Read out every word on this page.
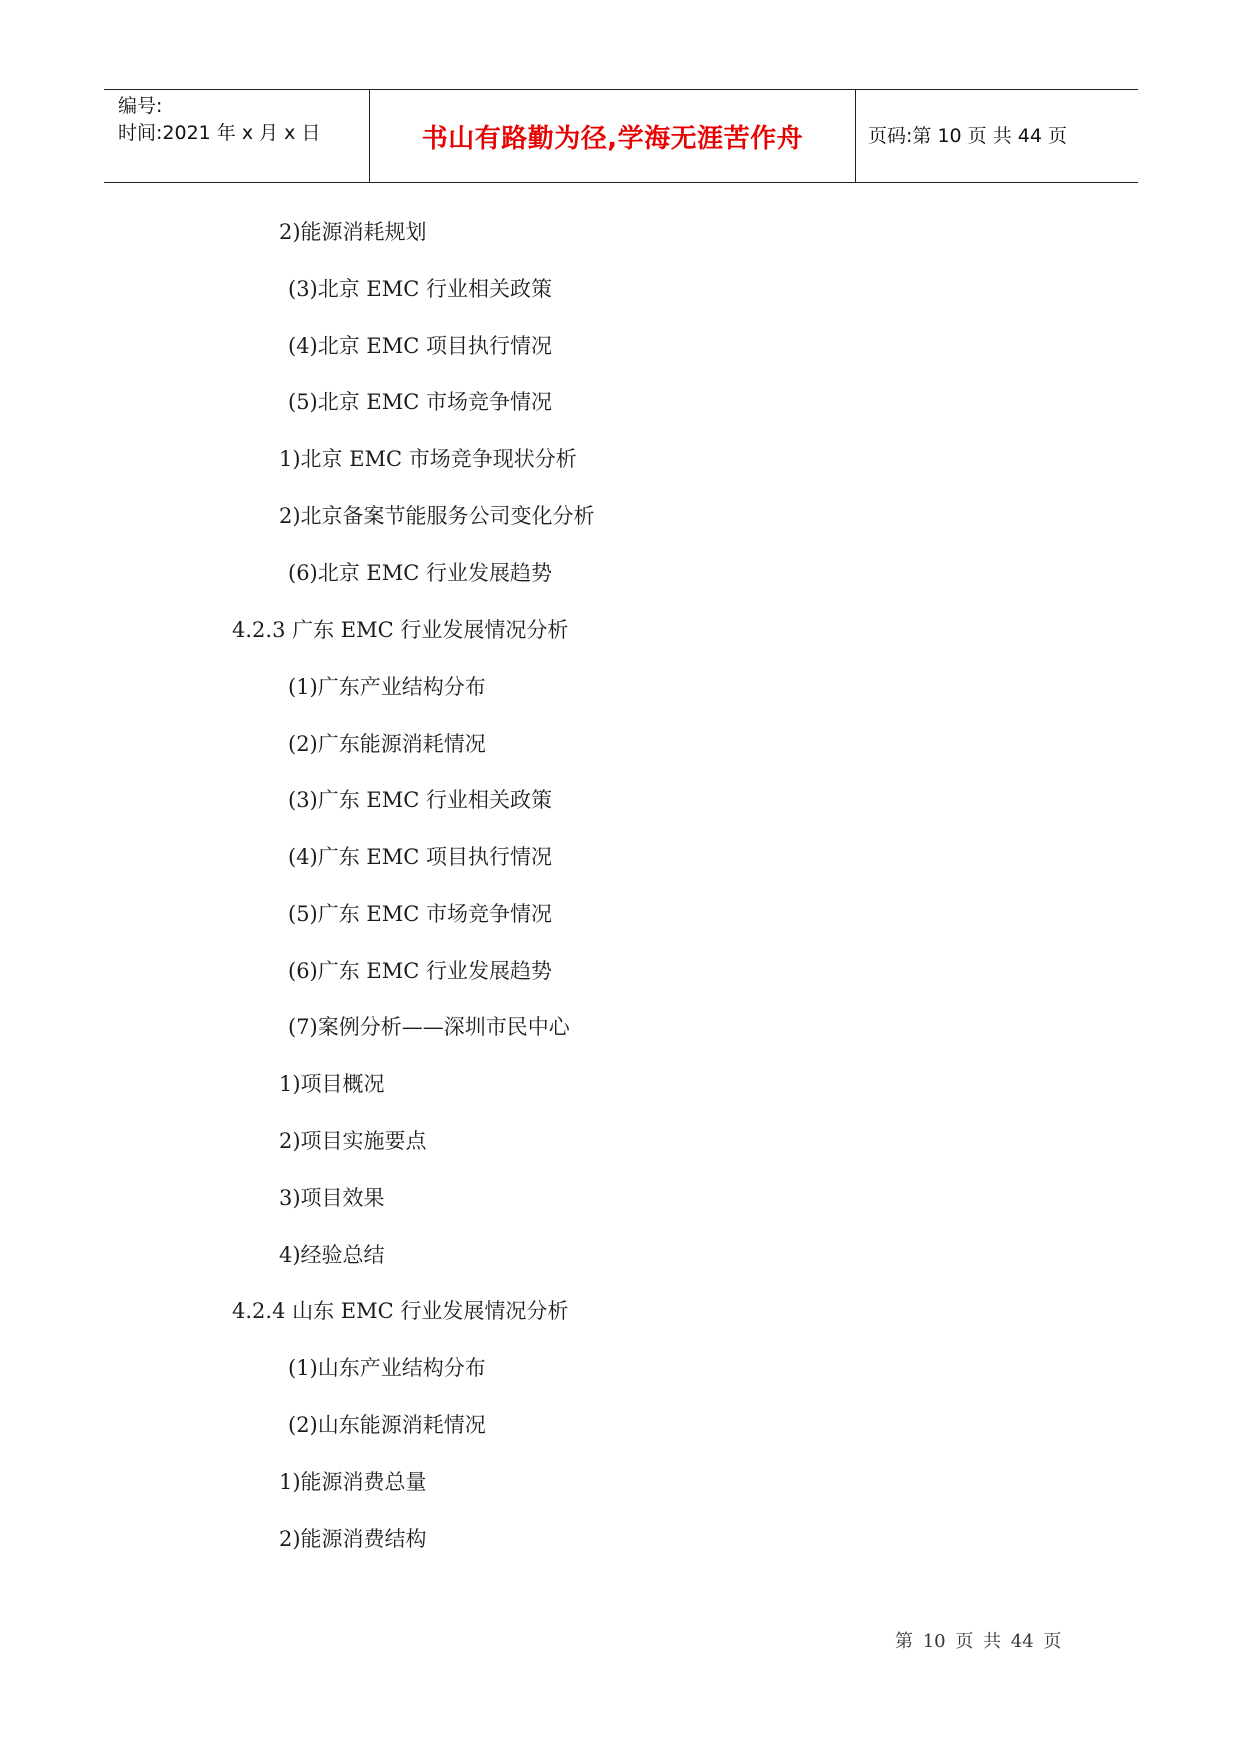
编号:
时间:2021 年 x 月 x 日	书山有路勤为径,学海无涯苦作舟	页码:第 10 页 共 44 页
2)能源消耗规划
(3)北京 EMC 行业相关政策
(4)北京 EMC 项目执行情况
(5)北京 EMC 市场竞争情况
1)北京 EMC 市场竞争现状分析
2)北京备案节能服务公司变化分析
(6)北京 EMC 行业发展趋势
4.2.3 广东 EMC 行业发展情况分析
(1)广东产业结构分布
(2)广东能源消耗情况
(3)广东 EMC 行业相关政策
(4)广东 EMC 项目执行情况
(5)广东 EMC 市场竞争情况
(6)广东 EMC 行业发展趋势
(7)案例分析——深圳市民中心
1)项目概况
2)项目实施要点
3)项目效果
4)经验总结
4.2.4 山东 EMC 行业发展情况分析
(1)山东产业结构分布
(2)山东能源消耗情况
1)能源消费总量
2)能源消费结构
第 10 页 共 44 页
